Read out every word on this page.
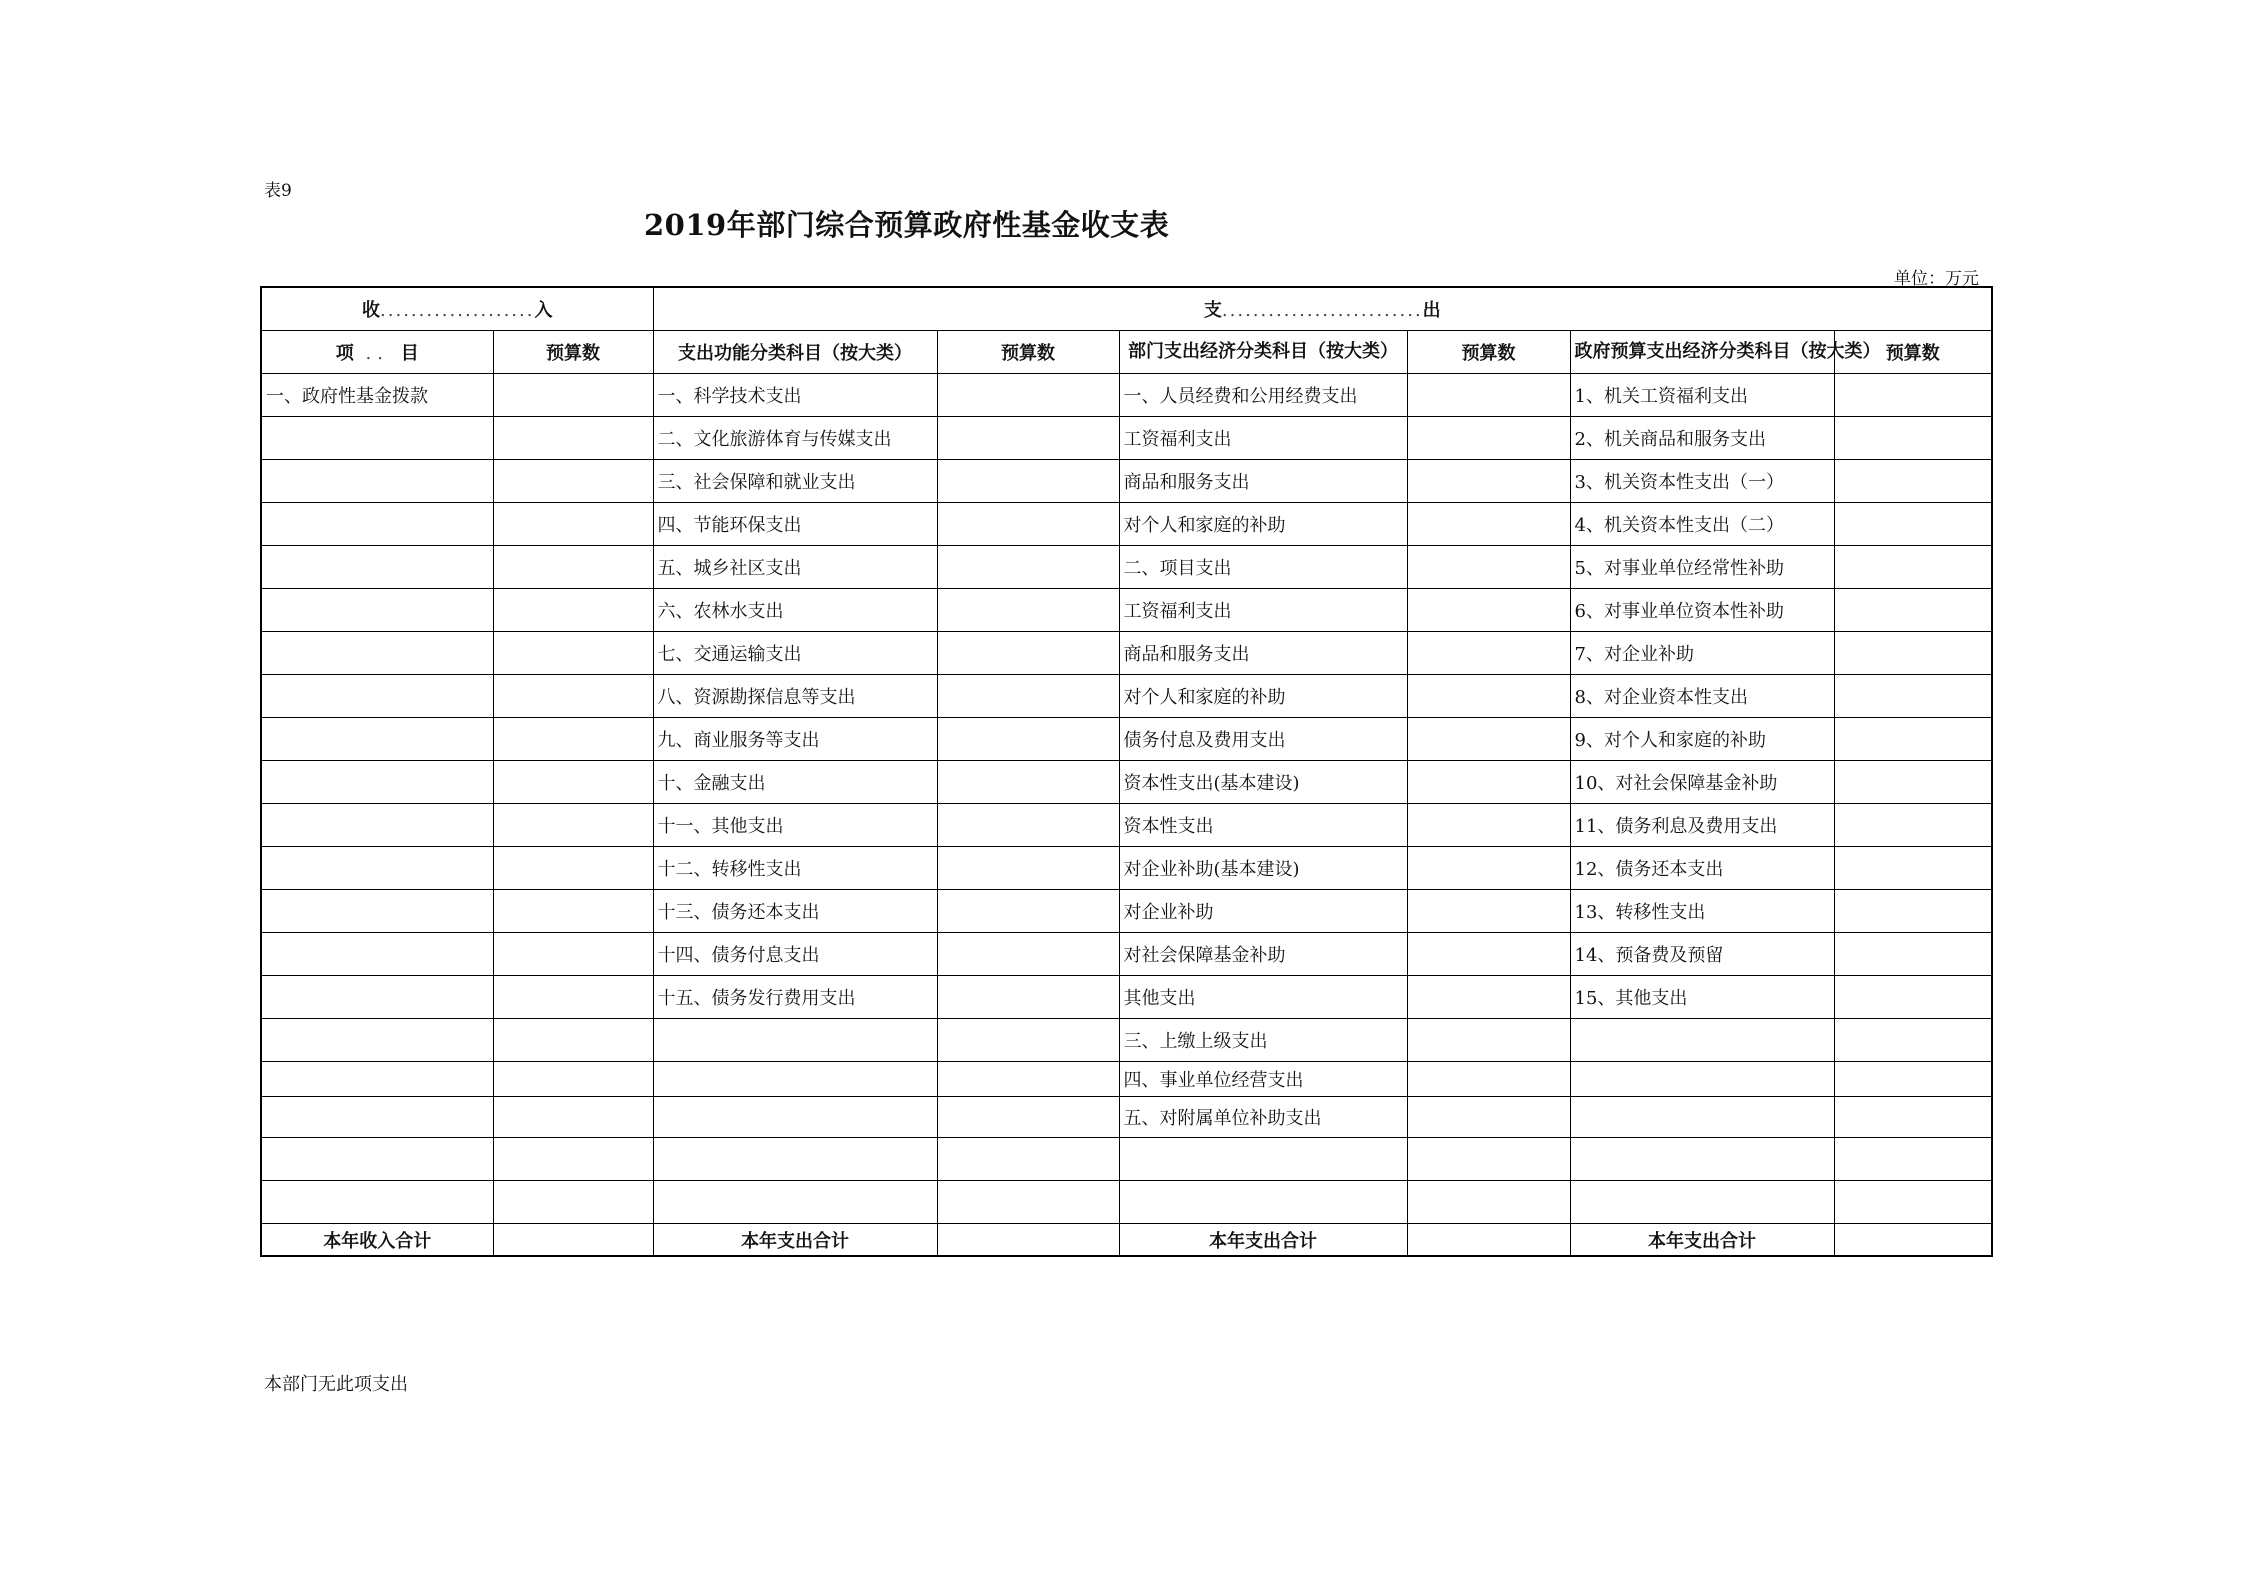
表9
2019年部门综合预算政府性基金收支表
单位：万元
收....................入		支..........................出					
项 .. 目	预算数	支出功能分类科目（按大类）	预算数	部门支出经济分类科目（按大类）	预算数	政府预算支出经济分类科目（按大类）	预算数
一、政府性基金拨款		一、科学技术支出		一、人员经费和公用经费支出		1、机关工资福利支出	
		二、文化旅游体育与传媒支出		工资福利支出		2、机关商品和服务支出	
		三、社会保障和就业支出		商品和服务支出		3、机关资本性支出（一）	
		四、节能环保支出		对个人和家庭的补助		4、机关资本性支出（二）	
		五、城乡社区支出		二、项目支出		5、对事业单位经常性补助	
		六、农林水支出		工资福利支出		6、对事业单位资本性补助	
		七、交通运输支出		商品和服务支出		7、对企业补助	
		八、资源勘探信息等支出		对个人和家庭的补助		8、对企业资本性支出	
		九、商业服务等支出		债务付息及费用支出		9、对个人和家庭的补助	
		十、金融支出		资本性支出(基本建设)		10、对社会保障基金补助	
		十一、其他支出		资本性支出		11、债务利息及费用支出	
		十二、转移性支出		对企业补助(基本建设)		12、债务还本支出	
		十三、债务还本支出		对企业补助		13、转移性支出	
		十四、债务付息支出		对社会保障基金补助		14、预备费及预留	
		十五、债务发行费用支出		其他支出		15、其他支出	
				三、上缴上级支出			
				四、事业单位经营支出			
				五、对附属单位补助支出			

本年收入合计		本年支出合计		本年支出合计		本年支出合计	
本部门无此项支出
